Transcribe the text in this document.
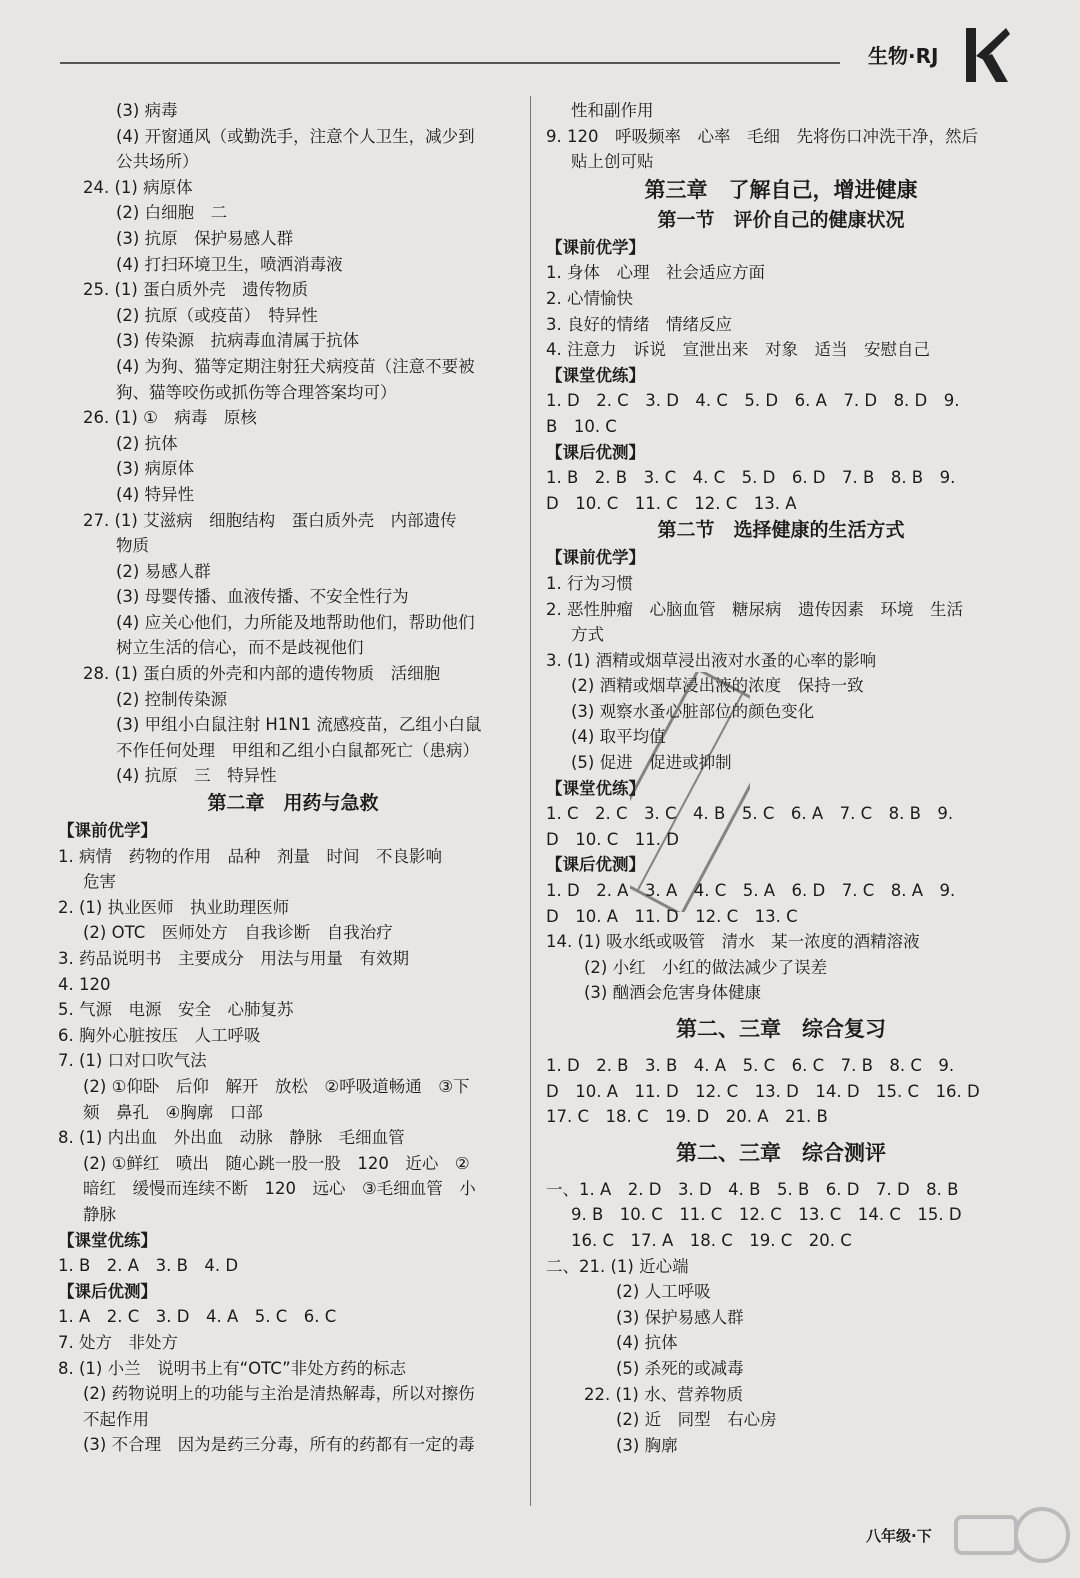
生物·RJ
(3) 病毒
(4) 开窗通风（或勤洗手，注意个人卫生，减少到
公共场所）
24. (1) 病原体
(2) 白细胞　二
(3) 抗原　保护易感人群
(4) 打扫环境卫生，喷洒消毒液
25. (1) 蛋白质外壳　遗传物质
(2) 抗原（或疫苗）　特异性
(3) 传染源　抗病毒血清属于抗体
(4) 为狗、猫等定期注射狂犬病疫苗（注意不要被
狗、猫等咬伤或抓伤等合理答案均可）
26. (1) ①　病毒　原核
(2) 抗体
(3) 病原体
(4) 特异性
27. (1) 艾滋病　细胞结构　蛋白质外壳　内部遗传
物质
(2) 易感人群
(3) 母婴传播、血液传播、不安全性行为
(4) 应关心他们，力所能及地帮助他们，帮助他们
树立生活的信心，而不是歧视他们
28. (1) 蛋白质的外壳和内部的遗传物质　活细胞
(2) 控制传染源
(3) 甲组小白鼠注射 H1N1 流感疫苗，乙组小白鼠
不作任何处理　甲组和乙组小白鼠都死亡（患病）
(4) 抗原　三　特异性
第二章　用药与急救
【课前优学】
1. 病情　药物的作用　品种　剂量　时间　不良影响
危害
2. (1) 执业医师　执业助理医师
(2) OTC　医师处方　自我诊断　自我治疗
3. 药品说明书　主要成分　用法与用量　有效期
4. 120
5. 气源　电源　安全　心肺复苏
6. 胸外心脏按压　人工呼吸
7. (1) 口对口吹气法
(2) ①仰卧　后仰　解开　放松　②呼吸道畅通　③下
颏　鼻孔　④胸廓　口部
8. (1) 内出血　外出血　动脉　静脉　毛细血管
(2) ①鲜红　喷出　随心跳一股一股　120　近心　②
暗红　缓慢而连续不断　120　远心　③毛细血管　小
静脉
【课堂优练】
1. B　2. A　3. B　4. D
【课后优测】
1. A　2. C　3. D　4. A　5. C　6. C
7. 处方　非处方
8. (1) 小兰　说明书上有“OTC”非处方药的标志
(2) 药物说明上的功能与主治是清热解毒，所以对擦伤
不起作用
(3) 不合理　因为是药三分毒，所有的药都有一定的毒
性和副作用
9. 120　呼吸频率　心率　毛细　先将伤口冲洗干净，然后
贴上创可贴
第三章　了解自己，增进健康
第一节　评价自己的健康状况
【课前优学】
1. 身体　心理　社会适应方面
2. 心情愉快
3. 良好的情绪　情绪反应
4. 注意力　诉说　宣泄出来　对象　适当　安慰自己
【课堂优练】
1. D　2. C　3. D　4. C　5. D　6. A　7. D　8. D　9.
B　10. C
【课后优测】
1. B　2. B　3. C　4. C　5. D　6. D　7. B　8. B　9.
D　10. C　11. C　12. C　13. A
第二节　选择健康的生活方式
【课前优学】
1. 行为习惯
2. 恶性肿瘤　心脑血管　糖尿病　遗传因素　环境　生活
方式
3. (1) 酒精或烟草浸出液对水蚤的心率的影响
(2) 酒精或烟草浸出液的浓度　保持一致
(3) 观察水蚤心脏部位的颜色变化
(4) 取平均值
(5) 促进　促进或抑制
【课堂优练】
1. C　2. C　3. C　4. B　5. C　6. A　7. C　8. B　9.
D　10. C　11. D
【课后优测】
1. D　2. A　3. A　4. C　5. A　6. D　7. C　8. A　9.
D　10. A　11. D　12. C　13. C
14. (1) 吸水纸或吸管　清水　某一浓度的酒精溶液
(2) 小红　小红的做法减少了误差
(3) 酗酒会危害身体健康
第二、三章　综合复习
1. D　2. B　3. B　4. A　5. C　6. C　7. B　8. C　9.
D　10. A　11. D　12. C　13. D　14. D　15. C　16. D
17. C　18. C　19. D　20. A　21. B
第二、三章　综合测评
一、1. A　2. D　3. D　4. B　5. B　6. D　7. D　8. B
9. B　10. C　11. C　12. C　13. C　14. C　15. D
16. C　17. A　18. C　19. C　20. C
二、21. (1) 近心端
(2) 人工呼吸
(3) 保护易感人群
(4) 抗体
(5) 杀死的或减毒
22. (1) 水、营养物质
(2) 近　同型　右心房
(3) 胸廓
八年级·下
